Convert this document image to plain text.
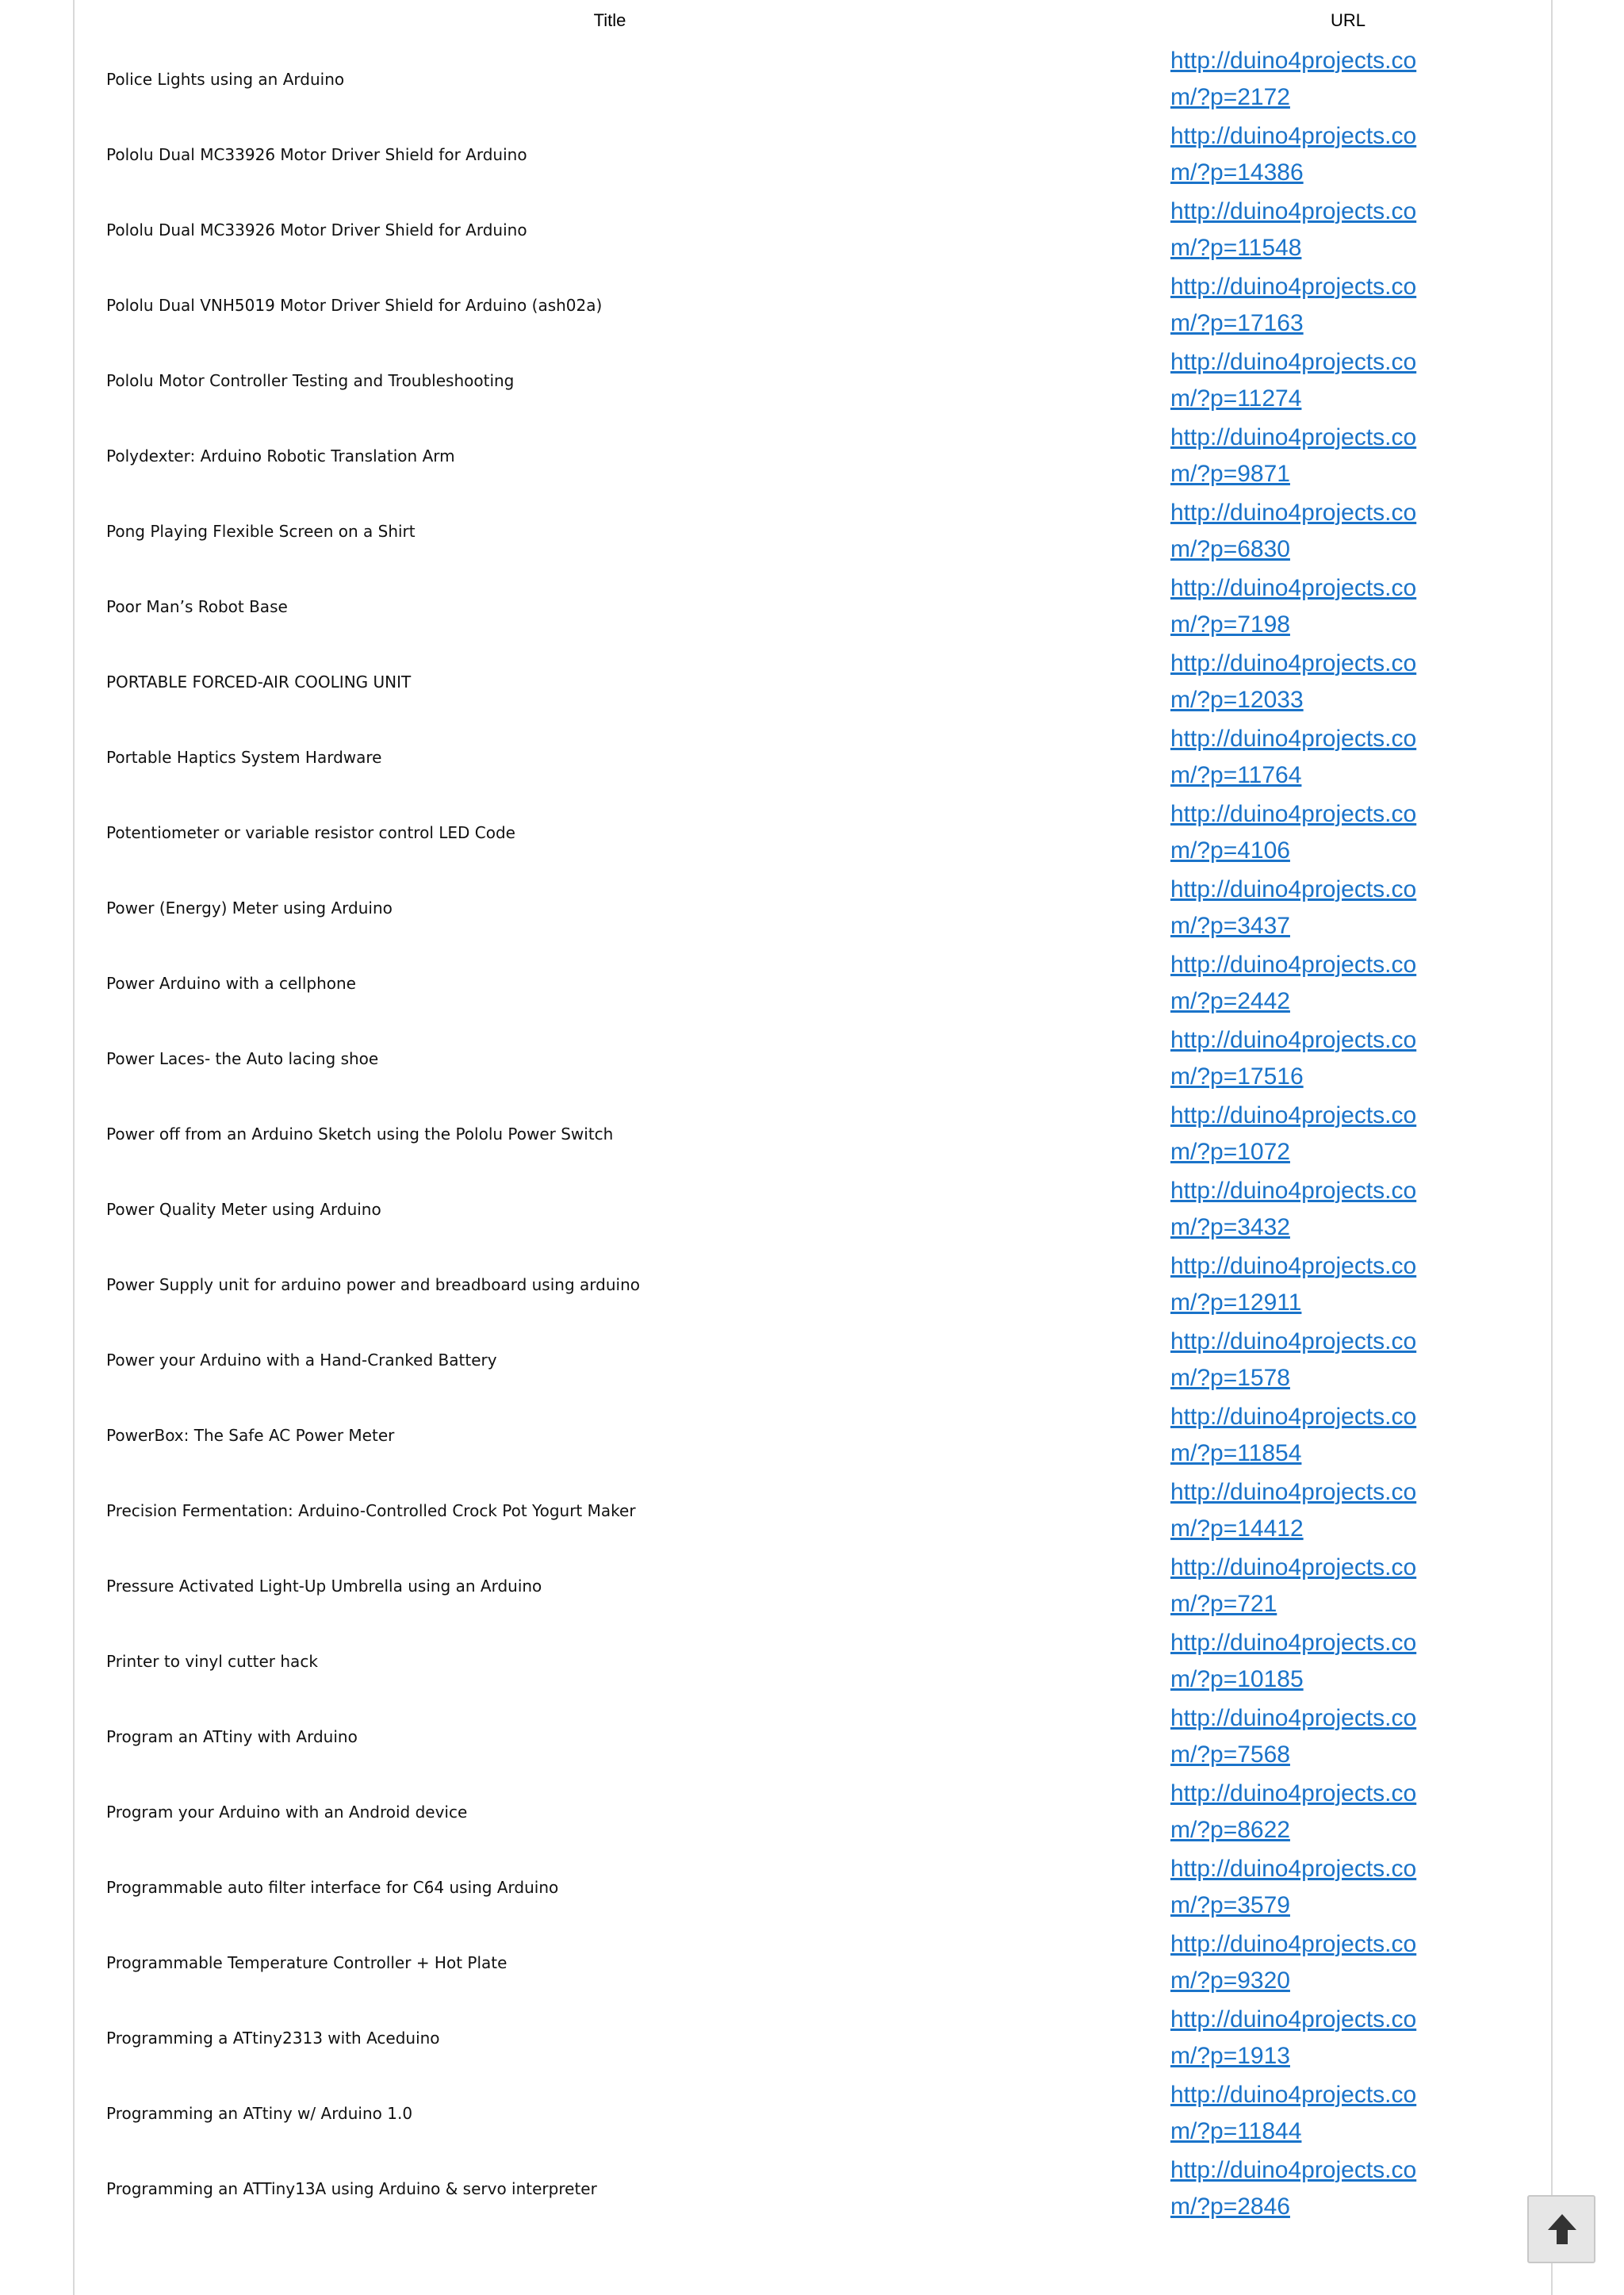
Title	URL
Police Lights using an Arduino	http://duino4projects.com/?p=2172

Pololu Dual MC33926 Motor Driver Shield for Arduino	http://duino4projects.com/?p=14386

Pololu Dual MC33926 Motor Driver Shield for Arduino	http://duino4projects.com/?p=11548

Pololu Dual VNH5019 Motor Driver Shield for Arduino (ash02a)	http://duino4projects.com/?p=17163

Pololu Motor Controller Testing and Troubleshooting	http://duino4projects.com/?p=11274

Polydexter: Arduino Robotic Translation Arm	http://duino4projects.com/?p=9871

Pong Playing Flexible Screen on a Shirt	http://duino4projects.com/?p=6830

Poor Man’s Robot Base	http://duino4projects.com/?p=7198

PORTABLE FORCED-AIR COOLING UNIT	http://duino4projects.com/?p=12033

Portable Haptics System Hardware	http://duino4projects.com/?p=11764

Potentiometer or variable resistor control LED Code	http://duino4projects.com/?p=4106

Power (Energy) Meter using Arduino	http://duino4projects.com/?p=3437

Power Arduino with a cellphone	http://duino4projects.com/?p=2442

Power Laces- the Auto lacing shoe	http://duino4projects.com/?p=17516

Power off from an Arduino Sketch using the Pololu Power Switch	http://duino4projects.com/?p=1072

Power Quality Meter using Arduino	http://duino4projects.com/?p=3432

Power Supply unit for arduino power and breadboard using arduino	http://duino4projects.com/?p=12911

Power your Arduino with a Hand-Cranked Battery	http://duino4projects.com/?p=1578

PowerBox: The Safe AC Power Meter	http://duino4projects.com/?p=11854

Precision Fermentation: Arduino-Controlled Crock Pot Yogurt Maker	http://duino4projects.com/?p=14412

Pressure Activated Light-Up Umbrella using an Arduino	http://duino4projects.com/?p=721

Printer to vinyl cutter hack	http://duino4projects.com/?p=10185

Program an ATtiny with Arduino	http://duino4projects.com/?p=7568

Program your Arduino with an Android device	http://duino4projects.com/?p=8622

Programmable auto filter interface for C64 using Arduino	http://duino4projects.com/?p=3579

Programmable Temperature Controller + Hot Plate	http://duino4projects.com/?p=9320

Programming a ATtiny2313 with Aceduino	http://duino4projects.com/?p=1913

Programming an ATtiny w/ Arduino 1.0	http://duino4projects.com/?p=11844

Programming an ATTiny13A using Arduino & servo interpreter	http://duino4projects.com/?p=2846
